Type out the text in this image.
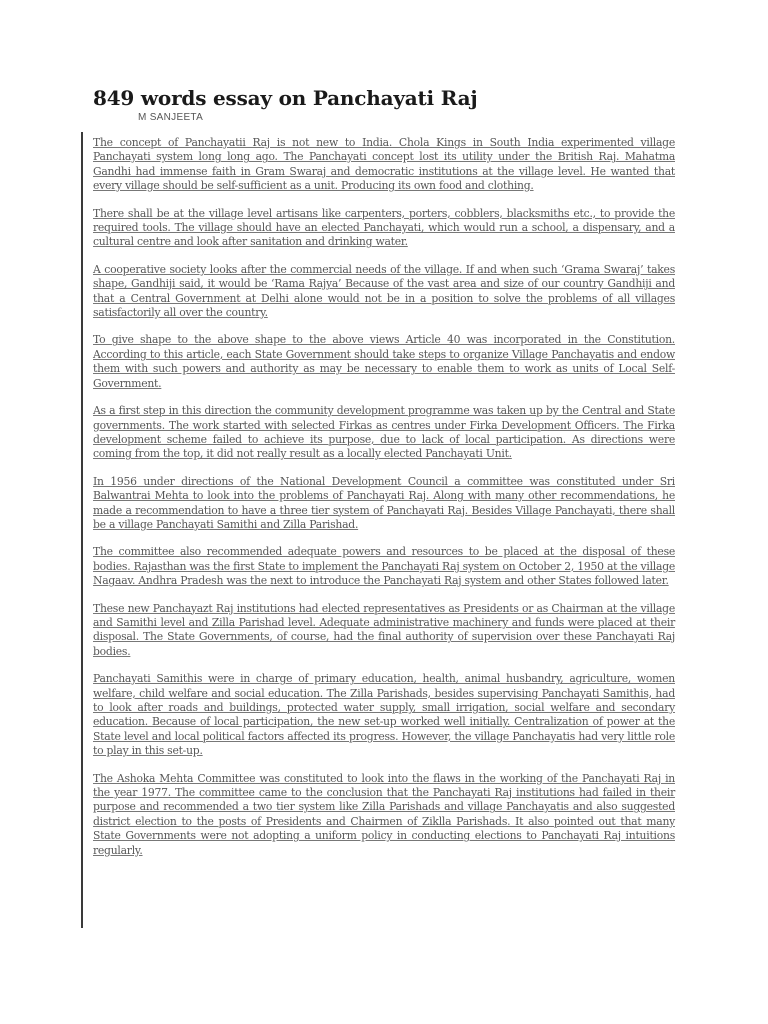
849 words essay on Panchayati Raj
M SANJEETA

The concept of Panchayatii Raj is not new to India. Chola Kings in South India experimented village Panchayati system long long ago. The Panchayati concept lost its utility under the British Raj. Mahatma Gandhi had immense faith in Gram Swaraj and democratic institutions at the village level. He wanted that every village should be self-sufficient as a unit. Producing its own food and clothing.

There shall be at the village level artisans like carpenters, porters, cobblers, blacksmiths etc., to provide the required tools. The village should have an elected Panchayati, which would run a school, a dispensary, and a cultural centre and look after sanitation and drinking water.

A cooperative society looks after the commercial needs of the village. If and when such ‘Grama Swaraj’ takes shape, Gandhiji said, it would be ‘Rama Rajya’ Because of the vast area and size of our country Gandhiji and that a Central Government at Delhi alone would not be in a position to solve the problems of all villages satisfactorily all over the country.

To give shape to the above shape to the above views Article 40 was incorporated in the Constitution. According to this article, each State Government should take steps to organize Village Panchayatis and endow them with such powers and authority as may be necessary to enable them to work as units of Local Self-Government.

As a first step in this direction the community development programme was taken up by the Central and State governments. The work started with selected Firkas as centres under Firka Development Officers. The Firka development scheme failed to achieve its purpose, due to lack of local participation. As directions were coming from the top, it did not really result as a locally elected Panchayati Unit.

In 1956 under directions of the National Development Council a committee was constituted under Sri Balwantrai Mehta to look into the problems of Panchayati Raj. Along with many other recommendations, he made a recommendation to have a three tier system of Panchayati Raj. Besides Village Panchayati, there shall be a village Panchayati Samithi and Zilla Parishad.

The committee also recommended adequate powers and resources to be placed at the disposal of these bodies. Rajasthan was the first State to implement the Panchayati Raj system on October 2, 1950 at the village Nagaav. Andhra Pradesh was the next to introduce the Panchayati Raj system and other States followed later.

These new Panchayazt Raj institutions had elected representatives as Presidents or as Chairman at the village and Samithi level and Zilla Parishad level. Adequate administrative machinery and funds were placed at their disposal. The State Governments, of course, had the final authority of supervision over these Panchayati Raj bodies.

Panchayati Samithis were in charge of primary education, health, animal husbandry, agriculture, women welfare, child welfare and social education. The Zilla Parishads, besides supervising Panchayati Samithis, had to look after roads and buildings, protected water supply, small irrigation, social welfare and secondary education. Because of local participation, the new set-up worked well initially. Centralization of power at the State level and local political factors affected its progress. However, the village Panchayatis had very little role to play in this set-up.

The Ashoka Mehta Committee was constituted to look into the flaws in the working of the Panchayati Raj in the year 1977. The committee came to the conclusion that the Panchayati Raj institutions had failed in their purpose and recommended a two tier system like Zilla Parishads and village Panchayatis and also suggested district election to the posts of Presidents and Chairmen of Ziklla Parishads. It also pointed out that many State Governments were not adopting a uniform policy in conducting elections to Panchayati Raj intuitions regularly.
